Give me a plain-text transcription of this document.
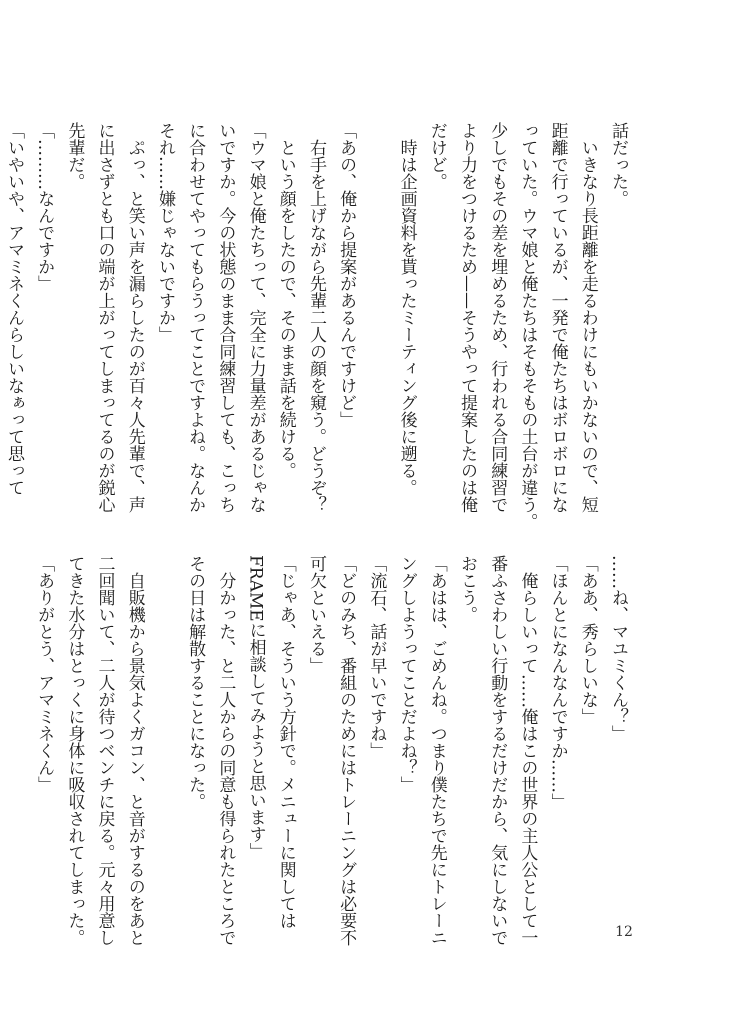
話だった。
　いきなり長距離を走るわけにもいかないので、短
距離で行っているが、一発で俺たちはボロボロにな
っていた。ウマ娘と俺たちはそもそもの土台が違う。
少しでもその差を埋めるため、行われる合同練習で
より力をつけるため——そうやって提案したのは俺
だけど。
　時は企画資料を貰ったミーティング後に遡る。

「あの、俺から提案があるんですけど」
　右手を上げながら先輩二人の顔を窺う。どうぞ？
　という顔をしたので、そのまま話を続ける。
「ウマ娘と俺たちって、完全に力量差があるじゃな
いですか。今の状態のまま合同練習しても、こっち
に合わせてやってもらうってことですよね。なんか
それ……嫌じゃないですか」
　ぷっ、と笑い声を漏らしたのが百々人先輩で、声
に出さずとも口の端が上がってしまってるのが鋭心
先輩だ。
「………なんですか」
「いやいや、アマミネくんらしいなぁって思って
……ね、マユミくん？」
「ああ、秀らしいな」
「ほんとになんなんですか……」
　俺らしいって……俺はこの世界の主人公として一
番ふさわしい行動をするだけだから、気にしないで
おこう。
「あはは、ごめんね。つまり僕たちで先にトレーニ
ングしようってことだよね？」
「流石、話が早いですね」
「どのみち、番組のためにはトレーニングは必要不
可欠といえる」
「じゃあ、そういう方針で。メニューに関しては
FRAMEに相談してみようと思います」
　分かった、と二人からの同意も得られたところで
その日は解散することになった。

　自販機から景気よくガコン、と音がするのをあと
二回聞いて、二人が待つベンチに戻る。元々用意し
てきた水分はとっくに身体に吸収されてしまった。
「ありがとう、アマミネくん」
12
